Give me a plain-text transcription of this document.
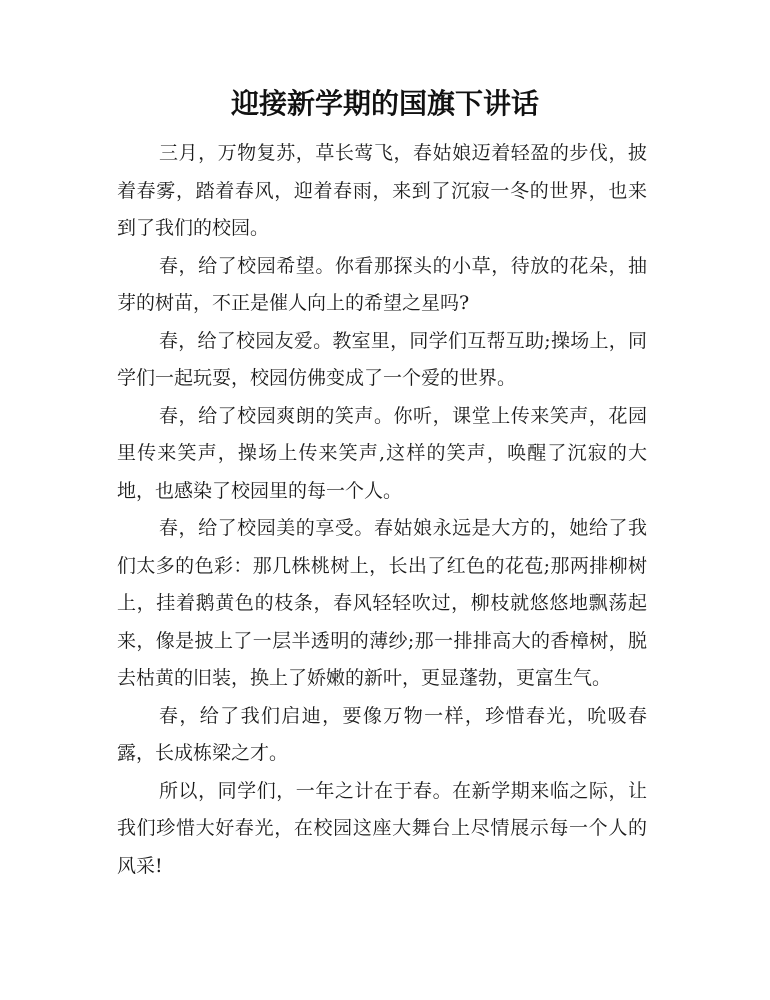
迎接新学期的国旗下讲话

三月，万物复苏，草长莺飞，春姑娘迈着轻盈的步伐，披着春雾，踏着春风，迎着春雨，来到了沉寂一冬的世界，也来到了我们的校园。

春，给了校园希望。你看那探头的小草，待放的花朵，抽芽的树苗，不正是催人向上的希望之星吗?

春，给了校园友爱。教室里，同学们互帮互助;操场上，同学们一起玩耍，校园仿佛变成了一个爱的世界。

春，给了校园爽朗的笑声。你听，课堂上传来笑声，花园里传来笑声，操场上传来笑声,这样的笑声，唤醒了沉寂的大地，也感染了校园里的每一个人。

春，给了校园美的享受。春姑娘永远是大方的，她给了我们太多的色彩：那几株桃树上，长出了红色的花苞;那两排柳树上，挂着鹅黄色的枝条，春风轻轻吹过，柳枝就悠悠地飘荡起来，像是披上了一层半透明的薄纱;那一排排高大的香樟树，脱去枯黄的旧装，换上了娇嫩的新叶，更显蓬勃，更富生气。

春，给了我们启迪，要像万物一样，珍惜春光，吮吸春露，长成栋梁之才。

所以，同学们，一年之计在于春。在新学期来临之际，让我们珍惜大好春光，在校园这座大舞台上尽情展示每一个人的风采!
